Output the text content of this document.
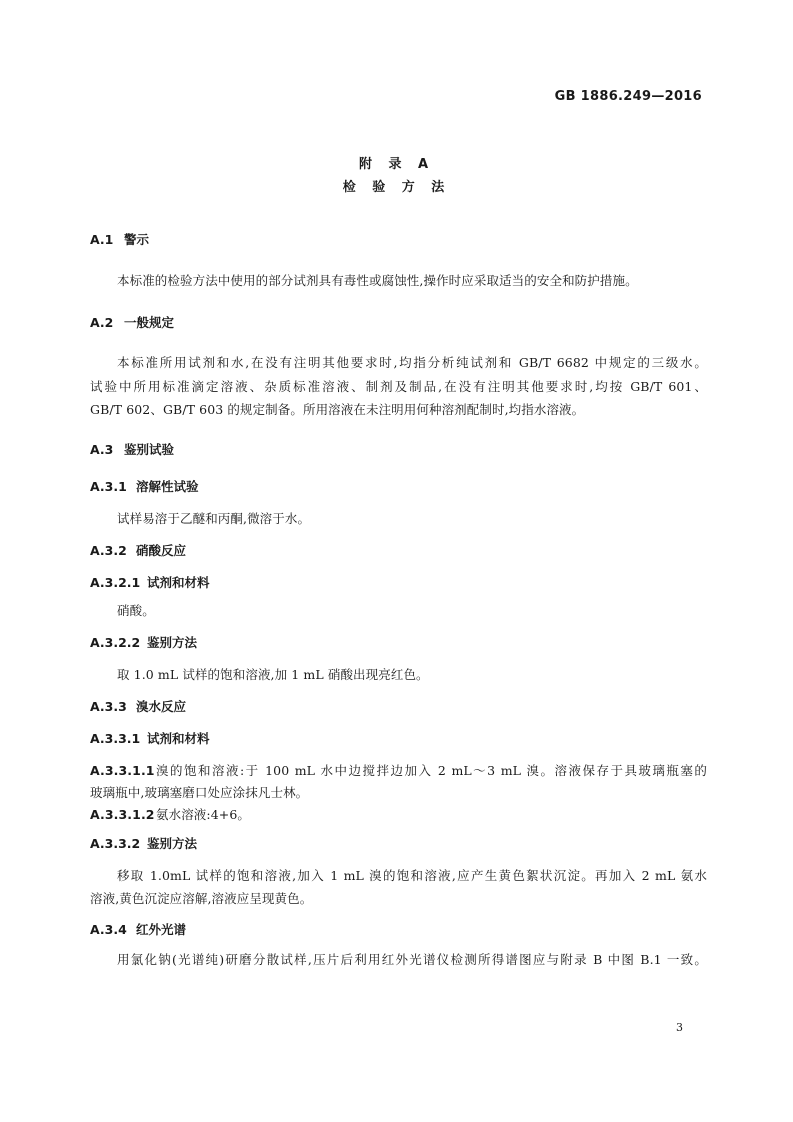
GB 1886.249—2016
附 录 A
检 验 方 法
A.1 警示
本标准的检验方法中使用的部分试剂具有毒性或腐蚀性,操作时应采取适当的安全和防护措施。
A.2 一般规定
本标准所用试剂和水,在没有注明其他要求时,均指分析纯试剂和 GB/T 6682 中规定的三级水。
试验中所用标准滴定溶液、杂质标准溶液、制剂及制品,在没有注明其他要求时,均按 GB/T 601、
GB/T 602、GB/T 603 的规定制备。所用溶液在未注明用何种溶剂配制时,均指水溶液。
A.3 鉴别试验
A.3.1 溶解性试验
试样易溶于乙醚和丙酮,微溶于水。
A.3.2 硝酸反应
A.3.2.1 试剂和材料
硝酸。
A.3.2.2 鉴别方法
取 1.0 mL 试样的饱和溶液,加 1 mL 硝酸出现亮红色。
A.3.3 溴水反应
A.3.3.1 试剂和材料
A.3.3.1.1溴的饱和溶液:于 100 mL 水中边搅拌边加入 2 mL～3 mL 溴。溶液保存于具玻璃瓶塞的
玻璃瓶中,玻璃塞磨口处应涂抹凡士林。
A.3.3.1.2氨水溶液:4+6。
A.3.3.2 鉴别方法
移取 1.0mL 试样的饱和溶液,加入 1 mL 溴的饱和溶液,应产生黄色絮状沉淀。再加入 2 mL 氨水
溶液,黄色沉淀应溶解,溶液应呈现黄色。
A.3.4 红外光谱
用氯化钠(光谱纯)研磨分散试样,压片后利用红外光谱仪检测所得谱图应与附录 B 中图 B.1 一致。
3
